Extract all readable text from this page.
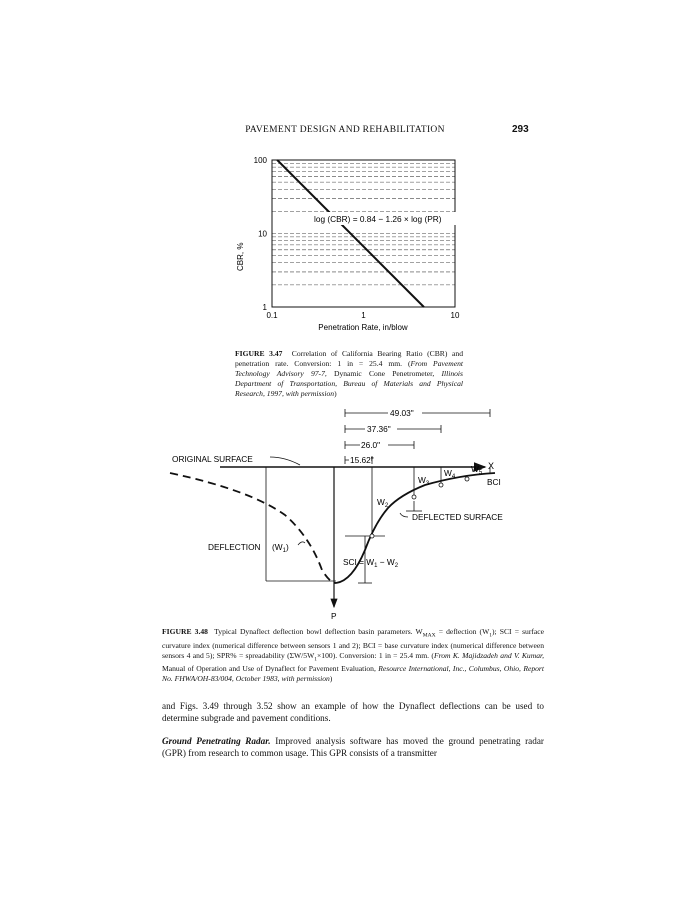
PAVEMENT DESIGN AND REHABILITATION	293
1
10
100
0.1	1	10
log (CBR) = 0.84 − 1.26 × log (PR)
CBR, %
Penetration Rate, in/blow
FIGURE 3.47 Correlation of California Bearing Ratio (CBR) and penetration rate. Conversion: 1 in = 25.4 mm. (From Pavement Technology Advisory 97-7, Dynamic Cone Penetrometer, Illinois Department of Transportation, Bureau of Materials and Physical Research, 1997, with permission)
49.03"
37.36"
26.0"
15.62"
ORIGINAL SURFACE
X
P
$W_3$
$W_4$
$W_5$
BCI
$W_2$
DEFLECTED SURFACE
DEFLECTION $(W_1)$
SCI = $W_1 - W_2$
FIGURE 3.48 Typical Dynaflect deflection bowl deflection basin parameters. $W_{MAX}$ = deflection $(W_1)$; SCI = surface curvature index (numerical difference between sensors 1 and 2); BCI = base curvature index (numerical difference between sensors 4 and 5); SPR% = spreadability $(\Sigma W/5W_1\times 100)$. Conversion: 1 in = 25.4 mm. (From K. Majidzadeh and V. Kumar, Manual of Operation and Use of Dynaflect for Pavement Evaluation, Resource International, Inc., Columbus, Ohio, Report No. FHWA/OH-83/004, October 1983, with permission)
and Figs. 3.49 through 3.52 show an example of how the Dynaflect deflections can be used to determine subgrade and pavement conditions.
Ground Penetrating Radar. Improved analysis software has moved the ground penetrating radar (GPR) from research to common usage. This GPR consists of a transmitter
